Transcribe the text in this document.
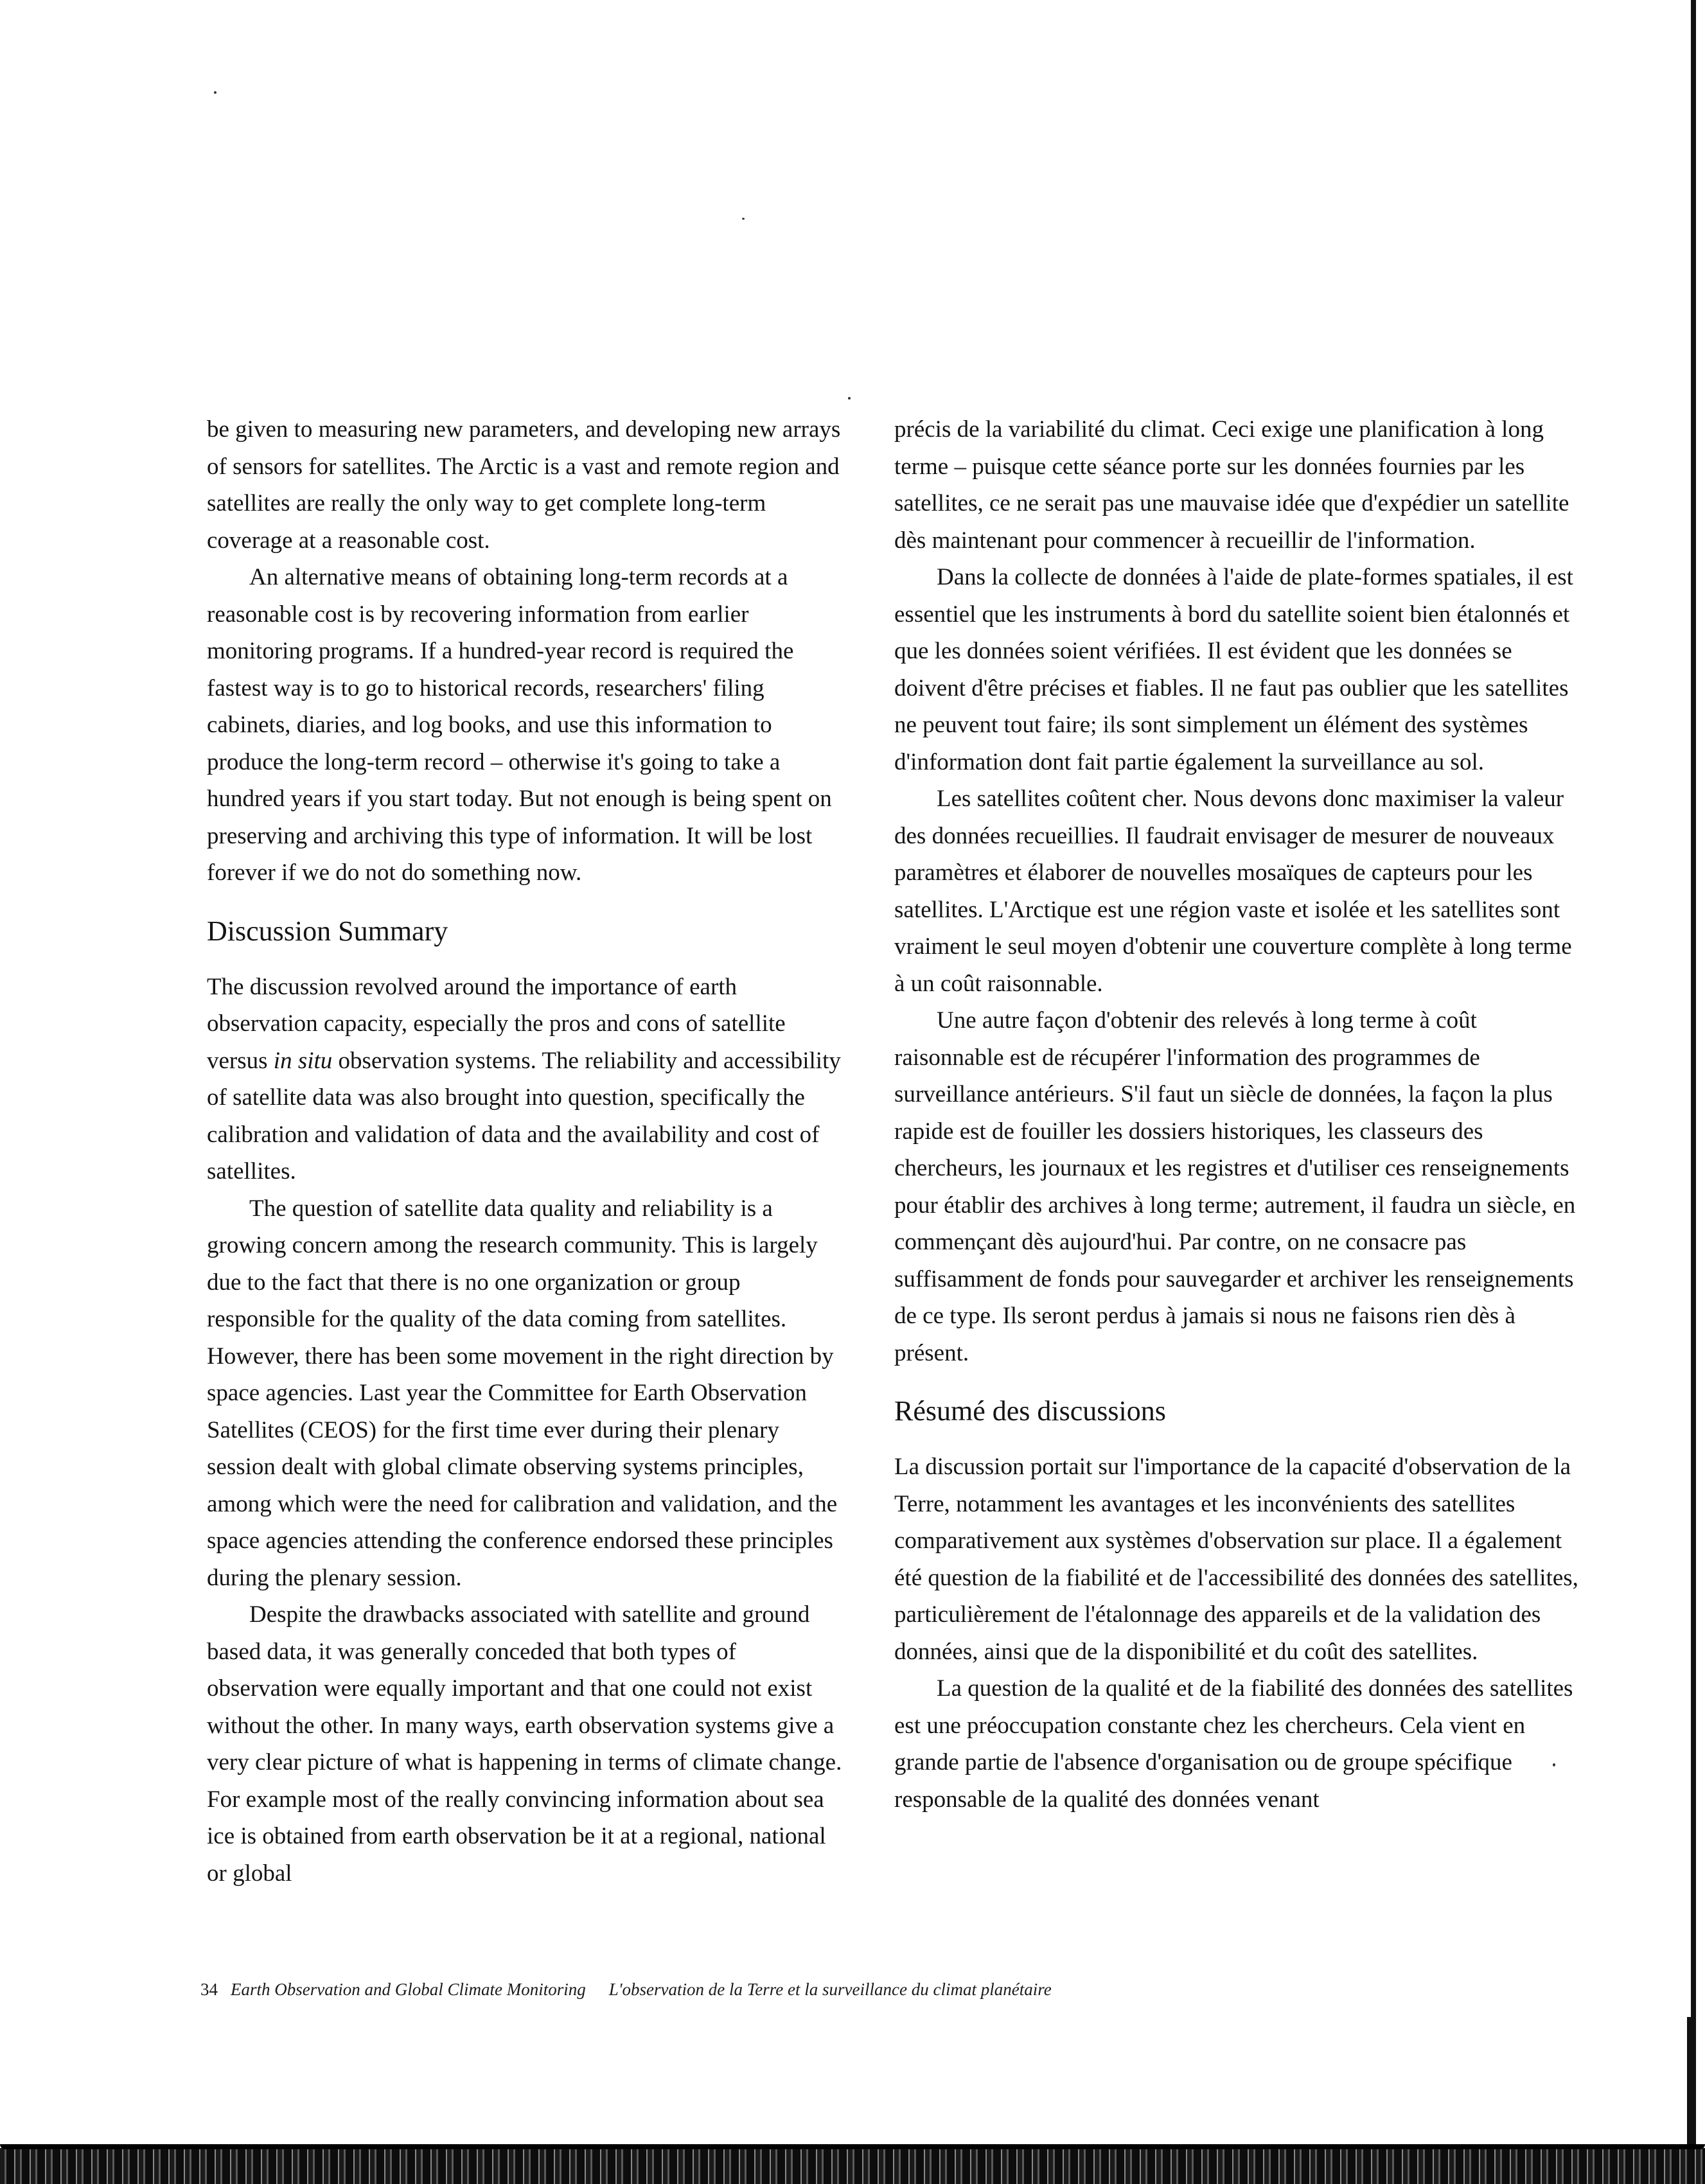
be given to measuring new parameters, and developing new arrays of sensors for satellites. The Arctic is a vast and remote region and satellites are really the only way to get complete long-term coverage at a reasonable cost.

An alternative means of obtaining long-term records at a reasonable cost is by recovering information from earlier monitoring programs. If a hundred-year record is required the fastest way is to go to historical records, researchers' filing cabinets, diaries, and log books, and use this information to produce the long-term record – otherwise it's going to take a hundred years if you start today. But not enough is being spent on preserving and archiving this type of information. It will be lost forever if we do not do something now.

Discussion Summary

The discussion revolved around the importance of earth observation capacity, especially the pros and cons of satellite versus in situ observation systems. The reliability and accessibility of satellite data was also brought into question, specifically the calibration and validation of data and the availability and cost of satellites.

The question of satellite data quality and reliability is a growing concern among the research community. This is largely due to the fact that there is no one organization or group responsible for the quality of the data coming from satellites. However, there has been some movement in the right direction by space agencies. Last year the Committee for Earth Observation Satellites (CEOS) for the first time ever during their plenary session dealt with global climate observing systems principles, among which were the need for calibration and validation, and the space agencies attending the conference endorsed these principles during the plenary session.

Despite the drawbacks associated with satellite and ground based data, it was generally conceded that both types of observation were equally important and that one could not exist without the other. In many ways, earth observation systems give a very clear picture of what is happening in terms of climate change. For example most of the really convincing information about sea ice is obtained from earth observation be it at a regional, national or global

précis de la variabilité du climat. Ceci exige une planification à long terme – puisque cette séance porte sur les données fournies par les satellites, ce ne serait pas une mauvaise idée que d'expédier un satellite dès maintenant pour commencer à recueillir de l'information.

Dans la collecte de données à l'aide de plate-formes spatiales, il est essentiel que les instruments à bord du satellite soient bien étalonnés et que les données soient vérifiées. Il est évident que les données se doivent d'être précises et fiables. Il ne faut pas oublier que les satellites ne peuvent tout faire; ils sont simplement un élément des systèmes d'information dont fait partie également la surveillance au sol.

Les satellites coûtent cher. Nous devons donc maximiser la valeur des données recueillies. Il faudrait envisager de mesurer de nouveaux paramètres et élaborer de nouvelles mosaïques de capteurs pour les satellites. L'Arctique est une région vaste et isolée et les satellites sont vraiment le seul moyen d'obtenir une couverture complète à long terme à un coût raisonnable.

Une autre façon d'obtenir des relevés à long terme à coût raisonnable est de récupérer l'information des programmes de surveillance antérieurs. S'il faut un siècle de données, la façon la plus rapide est de fouiller les dossiers historiques, les classeurs des chercheurs, les journaux et les registres et d'utiliser ces renseignements pour établir des archives à long terme; autrement, il faudra un siècle, en commençant dès aujourd'hui. Par contre, on ne consacre pas suffisamment de fonds pour sauvegarder et archiver les renseignements de ce type. Ils seront perdus à jamais si nous ne faisons rien dès à présent.

Résumé des discussions

La discussion portait sur l'importance de la capacité d'observation de la Terre, notamment les avantages et les inconvénients des satellites comparativement aux systèmes d'observation sur place. Il a également été question de la fiabilité et de l'accessibilité des données des satellites, particulièrement de l'étalonnage des appareils et de la validation des données, ainsi que de la disponibilité et du coût des satellites.

La question de la qualité et de la fiabilité des données des satellites est une préoccupation constante chez les chercheurs. Cela vient en grande partie de l'absence d'organisation ou de groupe spécifique responsable de la qualité des données venant

34 Earth Observation and Global Climate Monitoring L'observation de la Terre et la surveillance du climat planétaire
